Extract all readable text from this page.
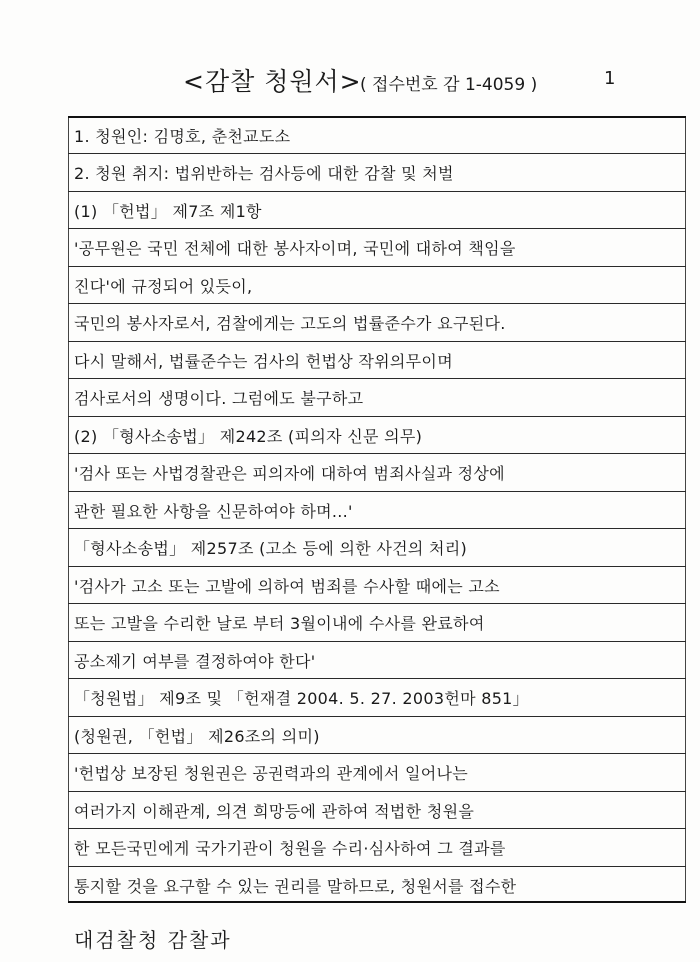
<감찰 청원서>
( 접수번호 감 1-4059 )	1
1. 청원인: 김명호, 춘천교도소
2. 청원 취지: 법위반하는 검사등에 대한 감찰 및 처벌
(1) 「헌법」 제7조 제1항
'공무원은 국민 전체에 대한 봉사자이며, 국민에 대하여 책임을
진다'에 규정되어 있듯이,
국민의 봉사자로서, 검찰에게는 고도의 법률준수가 요구된다.
다시 말해서, 법률준수는 검사의 헌법상 작위의무이며
검사로서의 생명이다. 그럼에도 불구하고
(2) 「형사소송법」 제242조 (피의자 신문 의무)
'검사 또는 사법경찰관은 피의자에 대하여 범죄사실과 정상에
관한 필요한 사항을 신문하여야 하며...'
「형사소송법」 제257조 (고소 등에 의한 사건의 처리)
'검사가 고소 또는 고발에 의하여 범죄를 수사할 때에는 고소
또는 고발을 수리한 날로 부터 3월이내에 수사를 완료하여
공소제기 여부를 결정하여야 한다'
「청원법」 제9조 및 「헌재결 2004. 5. 27. 2003헌마 851」
(청원권, 「헌법」 제26조의 의미)
'헌법상 보장된 청원권은 공권력과의 관계에서 일어나는
여러가지 이해관계, 의견 희망등에 관하여 적법한 청원을
한 모든국민에게 국가기관이 청원을 수리·심사하여 그 결과를
통지할 것을 요구할 수 있는 권리를 말하므로, 청원서를 접수한
대검찰청 감찰과
